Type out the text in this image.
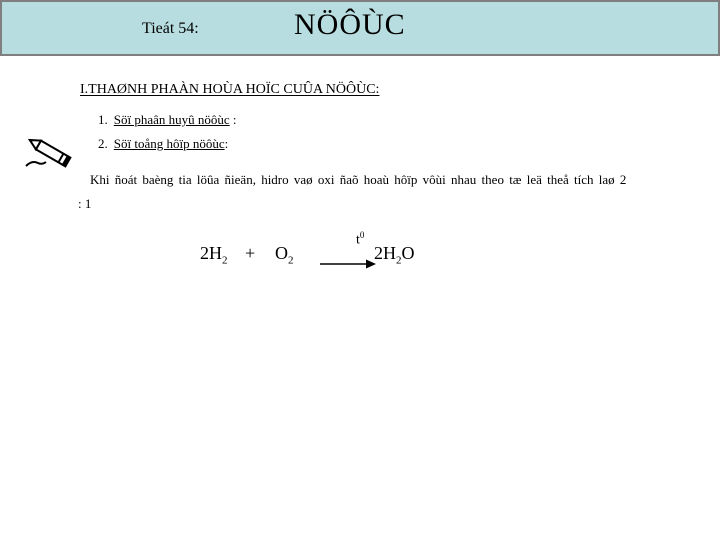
Tieát 54:	NÖÔÙC
I.THAØNH PHAÀN HOÙA HOÏC CUÛA NÖÔÙC:
1. Söï phaân huyû nöôùc :
2. Söï toång hôïp nöôùc:
Khi ñoát baèng tia löûa ñieän, hidro vaø oxi ñaõ hoaù hôïp vôùi nhau theo tæ leä theå tích laø 2
: 1
$2H_2 + O_2$
$t^0$
$2H_2O$
